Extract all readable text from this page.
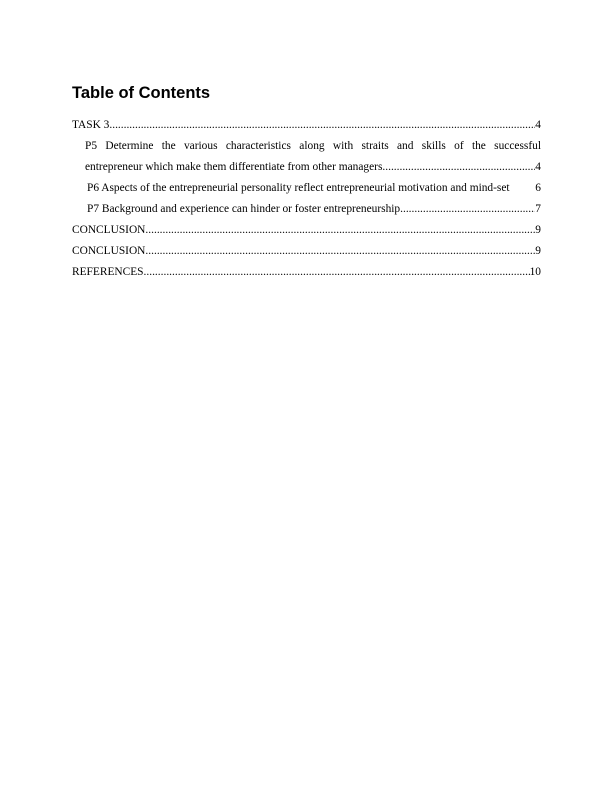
Table of Contents
TASK 3 .....	4
P5 Determine the various characteristics along with straits and skills of the successful
entrepreneur which make them differentiate from other managers. .....	4
P6 Aspects of the entrepreneurial personality reflect entrepreneurial motivation and mind-set 6
P7 Background and experience can hinder or foster entrepreneurship .....	7
CONCLUSION .....	9
CONCLUSION .....	9
REFERENCES .....	10
